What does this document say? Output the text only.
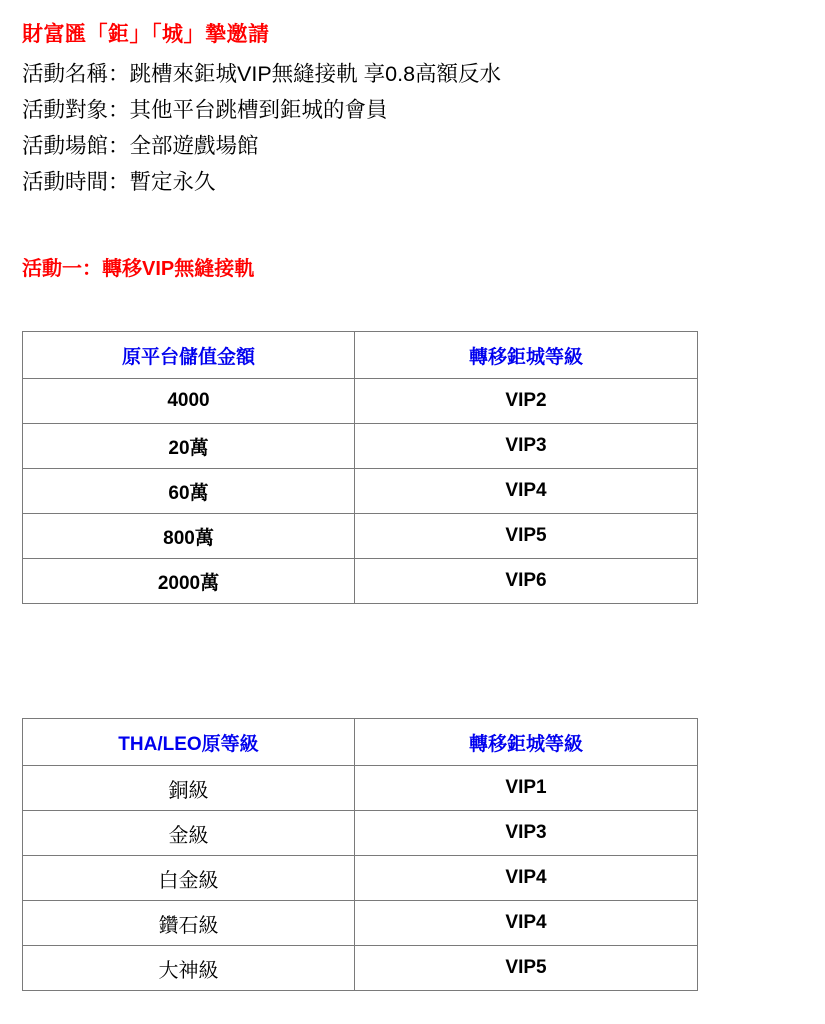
財富匯「鉅」「城」摯邀請
活動名稱：跳槽來鉅城VIP無縫接軌 享0.8高額反水
活動對象：其他平台跳槽到鉅城的會員
活動場館：全部遊戲場館
活動時間：暫定永久
活動一：轉移VIP無縫接軌
原平台儲值金額	轉移鉅城等級
4000	VIP2
20萬	VIP3
60萬	VIP4
800萬	VIP5
2000萬	VIP6
THA/LEO原等級	轉移鉅城等級
銅級	VIP1
金級	VIP3
白金級	VIP4
鑽石級	VIP4
大神級	VIP5
